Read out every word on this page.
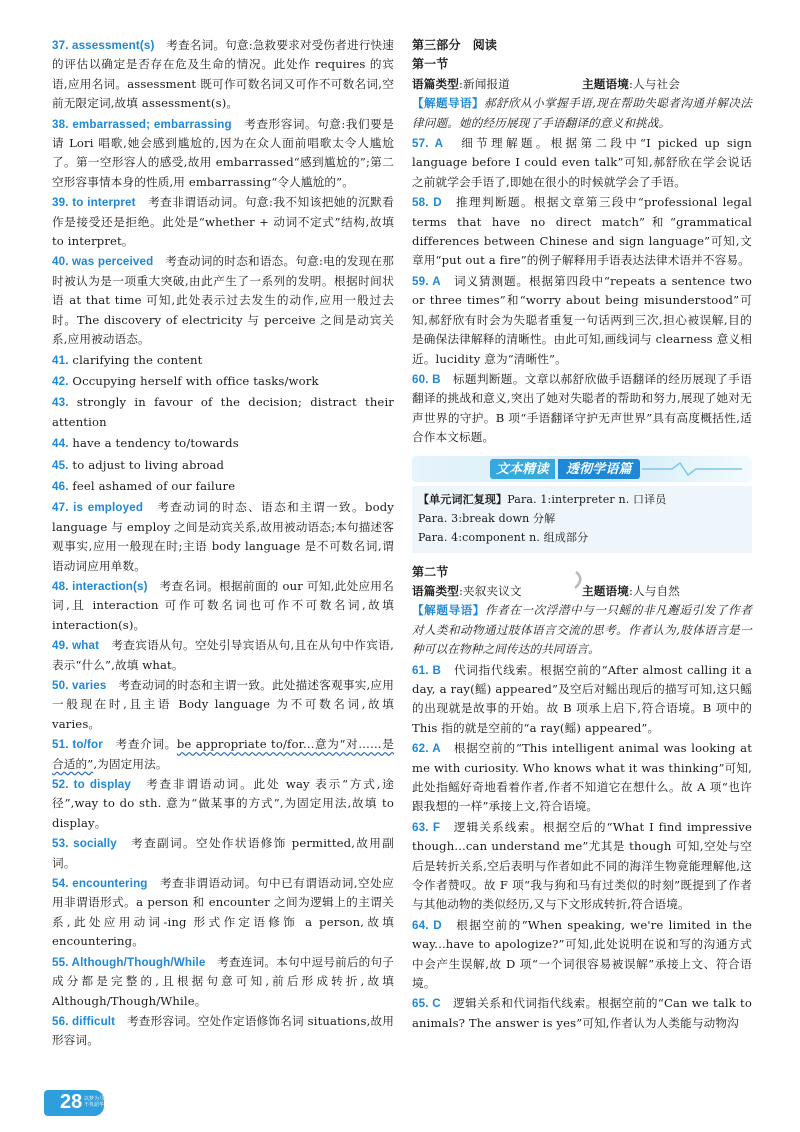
37. assessment(s)　 考查名词。句意:急救要求对受伤者进行快速的评估以确定是否存在危及生命的情况。此处作 requires 的宾语,应用名词。assessment 既可作可数名词又可作不可数名词,空前无限定词,故填 assessment(s)。
38. embarrassed; embarrassing　 考查形容词。句意:我们要是请 Lori 唱歌,她会感到尴尬的,因为在众人面前唱歌太令人尴尬了。第一空形容人的感受,故用 embarrassed“感到尴尬的”;第二空形容事情本身的性质,用 embarrassing“令人尴尬的”。
39. to interpret　 考查非谓语动词。句意:我不知该把她的沉默看作是接受还是拒绝。此处是“whether + 动词不定式”结构,故填 to interpret。
40. was perceived　 考查动词的时态和语态。句意:电的发现在那时被认为是一项重大突破,由此产生了一系列的发明。根据时间状语 at that time 可知,此处表示过去发生的动作,应用一般过去时。The discovery of electricity 与 perceive 之间是动宾关系,应用被动语态。
41. clarifying the content
42. Occupying herself with office tasks/work
43. strongly in favour of the decision; distract their attention
44. have a tendency to/towards
45. to adjust to living abroad
46. feel ashamed of our failure
47. is employed　 考查动词的时态、语态和主谓一致。body language 与 employ 之间是动宾关系,故用被动语态;本句描述客观事实,应用一般现在时;主语 body language 是不可数名词,谓语动词应用单数。
48. interaction(s)　 考查名词。根据前面的 our 可知,此处应用名词,且 interaction 可作可数名词也可作不可数名词,故填 interaction(s)。
49. what　 考查宾语从句。空处引导宾语从句,且在从句中作宾语,表示“什么”,故填 what。
50. varies　 考查动词的时态和主谓一致。此处描述客观事实,应用一般现在时,且主语 Body language 为不可数名词,故填 varies。
51. to/for　 考查介词。be appropriate to/for...意为“对……是合适的”,为固定用法。
52. to display　 考查非谓语动词。此处 way 表示“方式,途径”,way to do sth. 意为“做某事的方式”,为固定用法,故填 to display。
53. socially　 考查副词。空处作状语修饰 permitted,故用副词。
54. encountering　 考查非谓语动词。句中已有谓语动词,空处应用非谓语形式。a person 和 encounter 之间为逻辑上的主谓关系,此处应用动词-ing 形式作定语修饰 a person,故填 encountering。
55. Although/Though/While　 考查连词。本句中逗号前后的句子成分都是完整的,且根据句意可知,前后形成转折,故填 Although/Though/While。
56. difficult　 考查形容词。空处作定语修饰名词 situations,故用形容词。
第三部分　阅读
第一节
语篇类型:新闻报道	主题语境:人与社会
【解题导语】郝舒欣从小掌握手语,现在帮助失聪者沟通并解决法律问题。她的经历展现了手语翻译的意义和挑战。
57. A　 细节理解题。根据第二段中“I picked up sign language before I could even talk”可知,郝舒欣在学会说话之前就学会手语了,即她在很小的时候就学会了手语。
58. D　 推理判断题。根据文章第三段中“professional legal terms that have no direct match”和“grammatical differences between Chinese and sign language”可知,文章用“put out a fire”的例子解释用手语表达法律术语并不容易。
59. A　 词义猜测题。根据第四段中“repeats a sentence two or three times”和“worry about being misunderstood”可知,郝舒欣有时会为失聪者重复一句话两到三次,担心被误解,目的是确保法律解释的清晰性。由此可知,画线词与 clearness 意义相近。lucidity 意为“清晰性”。
60. B　 标题判断题。文章以郝舒欣做手语翻译的经历展现了手语翻译的挑战和意义,突出了她对失聪者的帮助和努力,展现了她对无声世界的守护。B 项“手语翻译守护无声世界”具有高度概括性,适合作本文标题。
文本精读	透彻学语篇
【单元词汇复现】Para. 1:interpreter n. 口译员
Para. 3:break down 分解
Para. 4:component n. 组成部分
第二节
语篇类型:夹叙夹议文	主题语境:人与自然
【解题导语】作者在一次浮潜中与一只鳐的非凡邂逅引发了作者对人类和动物通过肢体语言交流的思考。作者认为,肢体语言是一种可以在物种之间传达的共同语言。
61. B　 代词指代线索。根据空前的“After almost calling it a day, a ray(鳐) appeared”及空后对鳐出现后的描写可知,这只鳐的出现就是故事的开始。故 B 项承上启下,符合语境。B 项中的 This 指的就是空前的“a ray(鳐) appeared”。
62. A　 根据空前的“This intelligent animal was looking at me with curiosity. Who knows what it was thinking”可知,此处指鳐好奇地看着作者,作者不知道它在想什么。故 A 项“也许跟我想的一样”承接上文,符合语境。
63. F　 逻辑关系线索。根据空后的“What I find impressive though...can understand me”尤其是 though 可知,空处与空后是转折关系,空后表明与作者如此不同的海洋生物竟能理解他,这令作者赞叹。故 F 项“我与狗和马有过类似的时刻”既提到了作者与其他动物的类似经历,又与下文形成转折,符合语境。
64. D　 根据空前的“When speaking, we're limited in the way...have to apologize?”可知,此处说明在说和写的沟通方式中会产生误解,故 D 项“一个词很容易被误解”承接上文、符合语境。
65. C　 逻辑关系和代词指代线索。根据空前的“Can we talk to animals? The answer is yes”可知,作者认为人类能与动物沟
28 以梦为马 不负韶华
